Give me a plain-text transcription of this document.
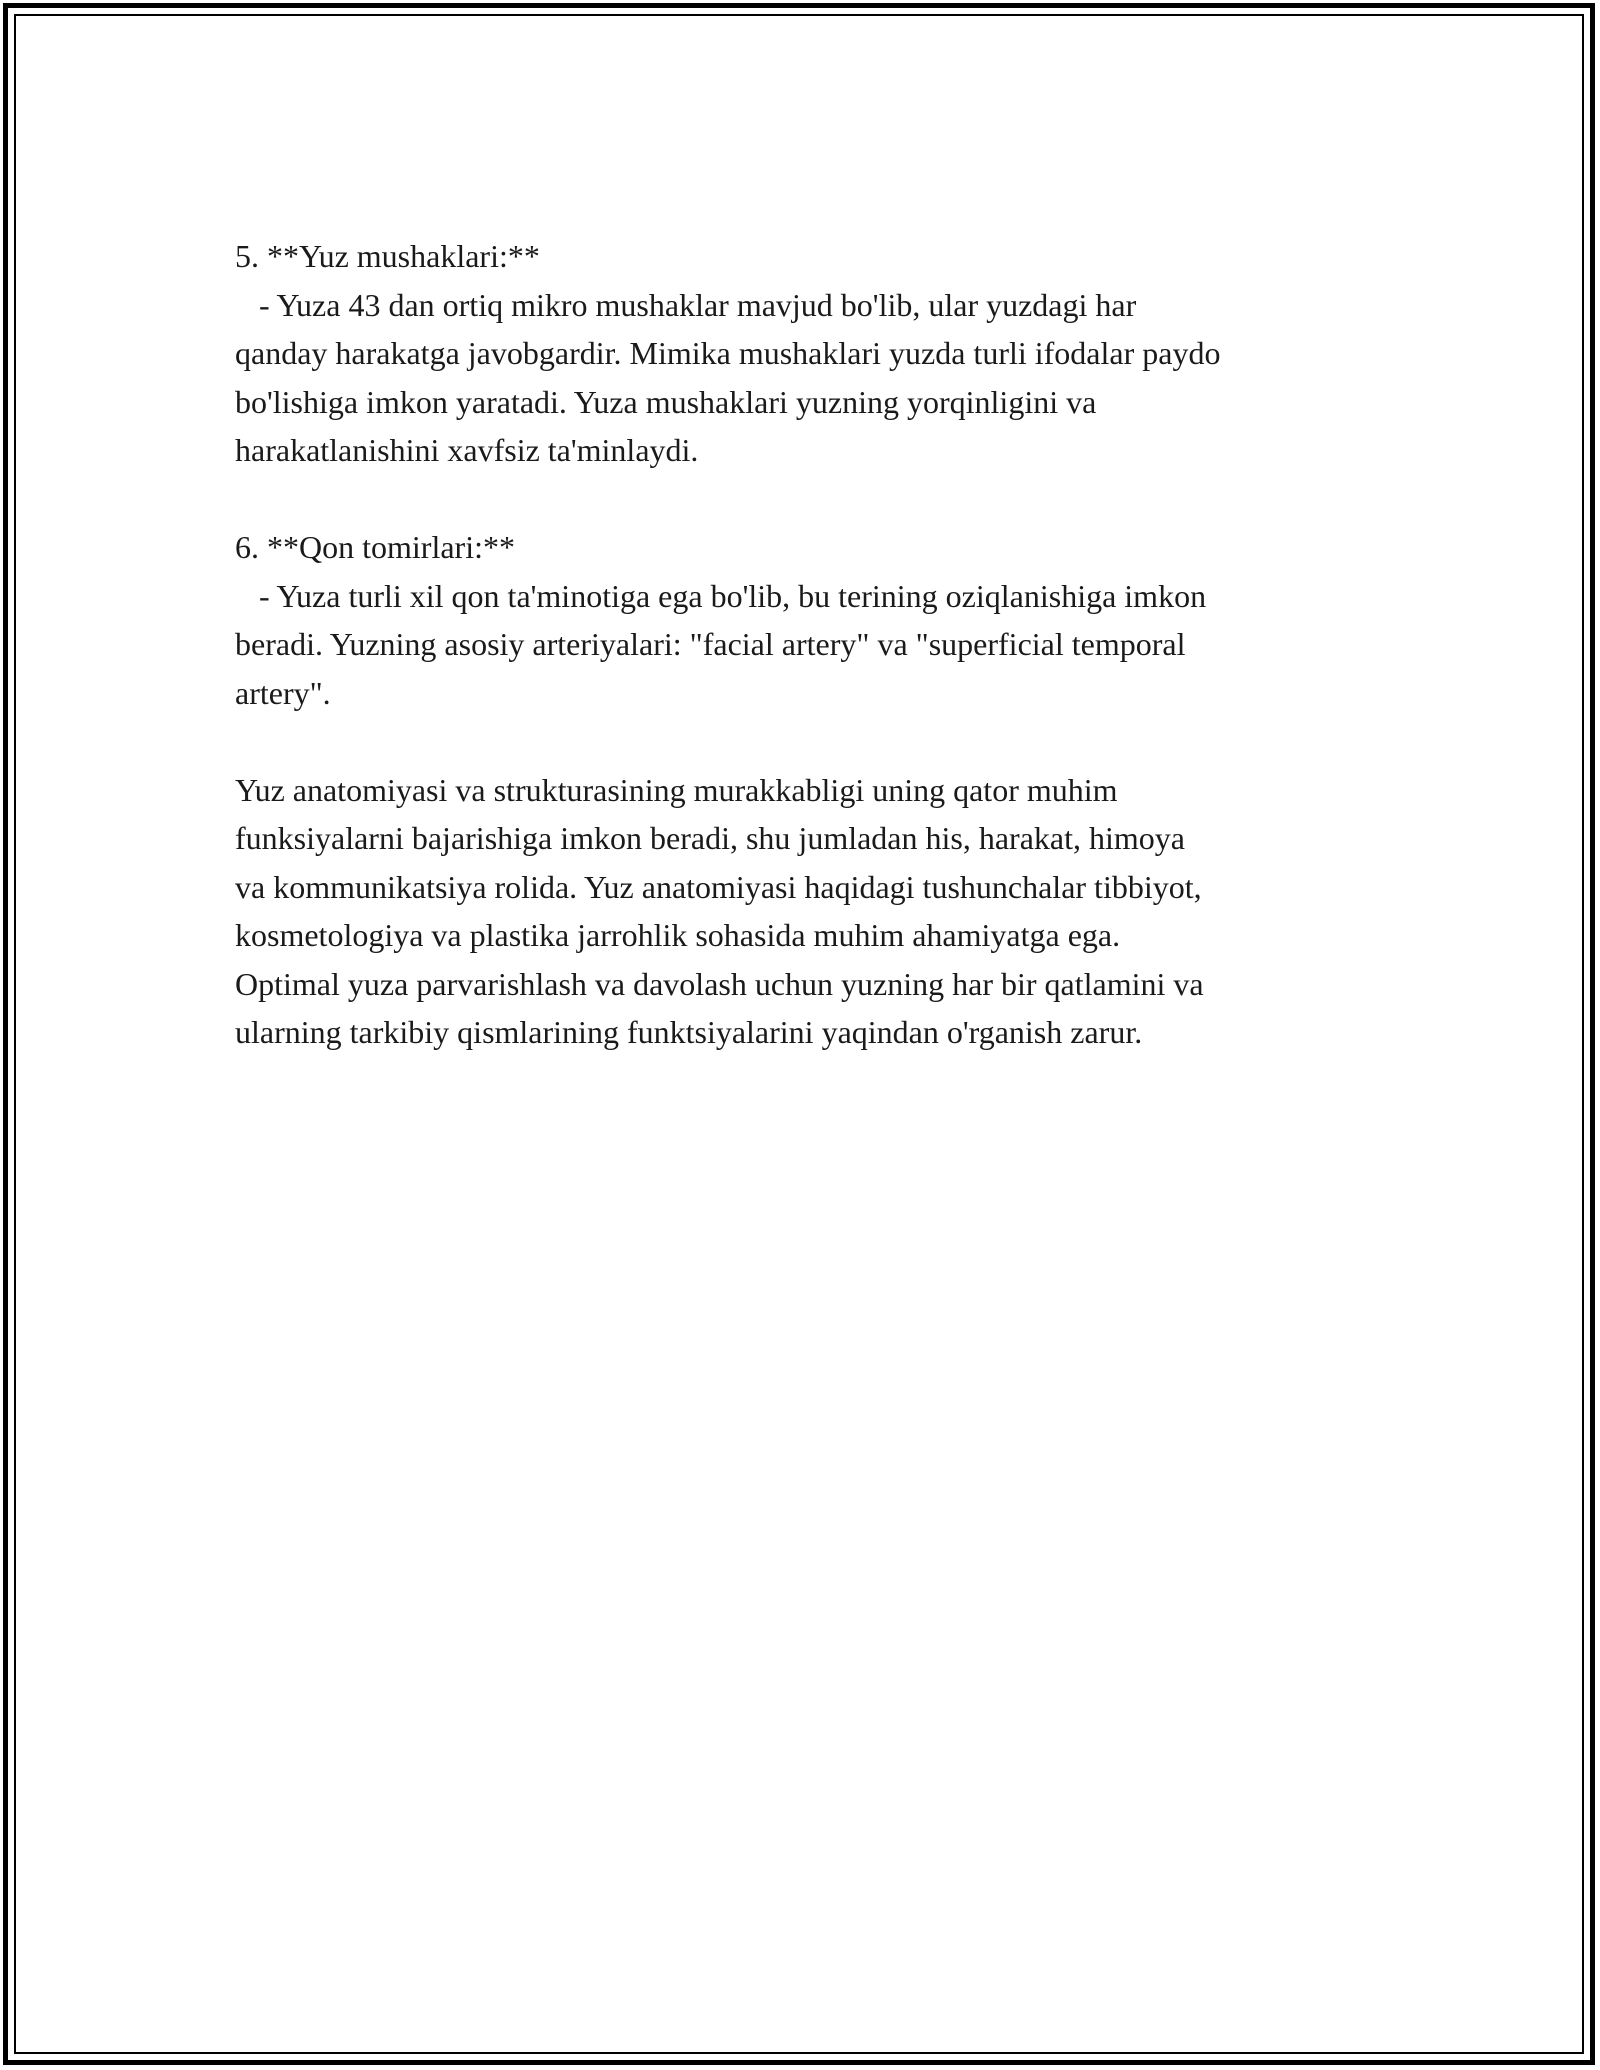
5. **Yuz mushaklari:**
- Yuza 43 dan ortiq mikro mushaklar mavjud bo'lib, ular yuzdagi har
qanday harakatga javobgardir. Mimika mushaklari yuzda turli ifodalar paydo
bo'lishiga imkon yaratadi. Yuza mushaklari yuzning yorqinligini va
harakatlanishini xavfsiz ta'minlaydi.
6. **Qon tomirlari:**
- Yuza turli xil qon ta'minotiga ega bo'lib, bu terining oziqlanishiga imkon
beradi. Yuzning asosiy arteriyalari: "facial artery" va "superficial temporal
artery".
Yuz anatomiyasi va strukturasining murakkabligi uning qator muhim
funksiyalarni bajarishiga imkon beradi, shu jumladan his, harakat, himoya
va kommunikatsiya rolida. Yuz anatomiyasi haqidagi tushunchalar tibbiyot,
kosmetologiya va plastika jarrohlik sohasida muhim ahamiyatga ega.
Optimal yuza parvarishlash va davolash uchun yuzning har bir qatlamini va
ularning tarkibiy qismlarining funktsiyalarini yaqindan o'rganish zarur.
